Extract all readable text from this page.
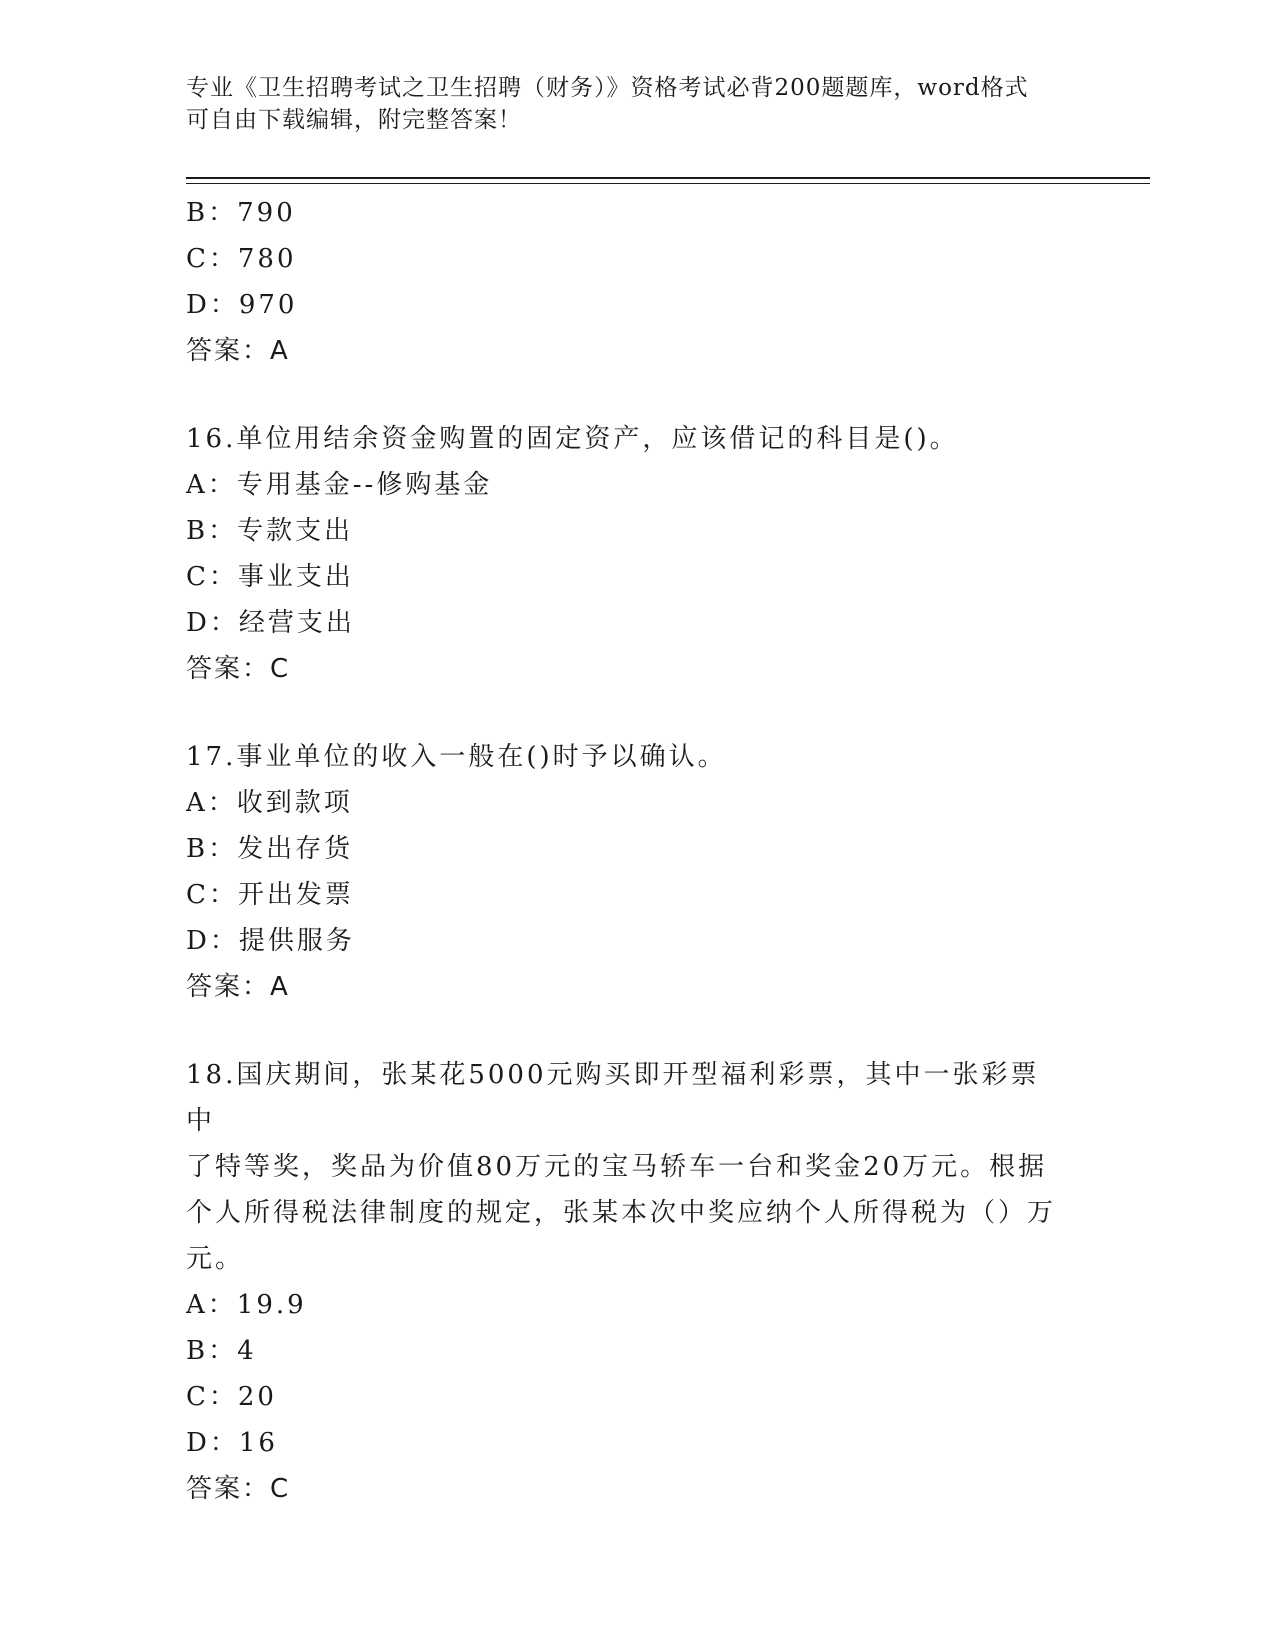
专业《卫生招聘考试之卫生招聘（财务）》资格考试必背200题题库，word格式
可自由下载编辑，附完整答案！
B：790
C：780
D：970
答案：A
16.单位用结余资金购置的固定资产，应该借记的科目是()。
A：专用基金--修购基金
B：专款支出
C：事业支出
D：经营支出
答案：C
17.事业单位的收入一般在()时予以确认。
A：收到款项
B：发出存货
C：开出发票
D：提供服务
答案：A
18.国庆期间，张某花5000元购买即开型福利彩票，其中一张彩票中
了特等奖，奖品为价值80万元的宝马轿车一台和奖金20万元。根据
个人所得税法律制度的规定，张某本次中奖应纳个人所得税为（）万
元。
A：19.9
B：4
C：20
D：16
答案：C
